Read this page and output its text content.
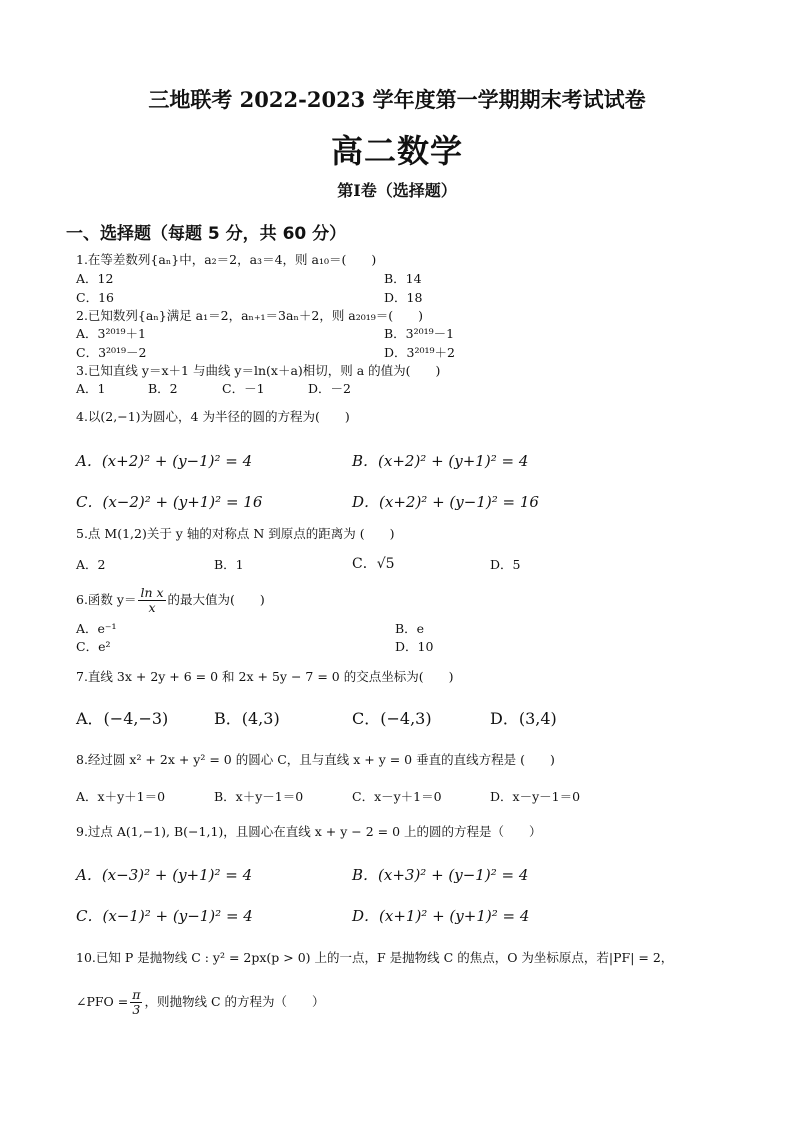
三地联考 2022-2023 学年度第一学期期末考试试卷
高二数学
第Ⅰ卷（选择题）
一、选择题（每题 5 分，共 60 分）
1.在等差数列{aₙ}中，a₂＝2，a₃＝4，则 a₁₀＝(　　)
A．12	B．14
C．16	D．18
2.已知数列{aₙ}满足 a₁＝2，aₙ₊₁＝3aₙ＋2，则 a₂₀₁₉＝(　　)
A．3²⁰¹⁹＋1	B．3²⁰¹⁹－1
C．3²⁰¹⁹－2	D．3²⁰¹⁹＋2
3.已知直线 y＝x＋1 与曲线 y＝ln(x＋a)相切，则 a 的值为(　　)
A．1	B．2	C．－1	D．－2
4.以(2,−1)为圆心，4 为半径的圆的方程为(　　)
A．(x+2)² + (y−1)² = 4	B．(x+2)² + (y+1)² = 4
C．(x−2)² + (y+1)² = 16	D．(x+2)² + (y−1)² = 16
5.点 M(1,2)关于 y 轴的对称点 N 到原点的距离为 (　　)
A．2	B．1	C．√5	D．5
6.函数 $y= \frac{\text{ln x}}{x}$ 的最大值为(　　)
A．e⁻¹	B．e
C．e²	D．10
7.直线 3x + 2y + 6 = 0 和 2x + 5y − 7 = 0 的交点坐标为(　　)
A．(−4,−3)	B．(4,3)	C．(−4,3)	D．(3,4)
8.经过圆 x² + 2x + y² = 0 的圆心 C，且与直线 x + y = 0 垂直的直线方程是 (　　)
A．x＋y＋1＝0	B．x＋y－1＝0	C．x－y＋1＝0	D．x－y－1＝0
9.过点 A(1,−1), B(−1,1)，且圆心在直线 x + y − 2 = 0 上的圆的方程是（　　）
A．(x−3)² + (y+1)² = 4	B．(x+3)² + (y−1)² = 4
C．(x−1)² + (y−1)² = 4	D．(x+1)² + (y+1)² = 4
10.已知 P 是抛物线 C : y² = 2px(p > 0) 上的一点，F 是抛物线 C 的焦点，O 为坐标原点，若|PF| = 2，
∠PFO = $\frac{\pi}{3}$ ，则抛物线 C 的方程为（　　）
